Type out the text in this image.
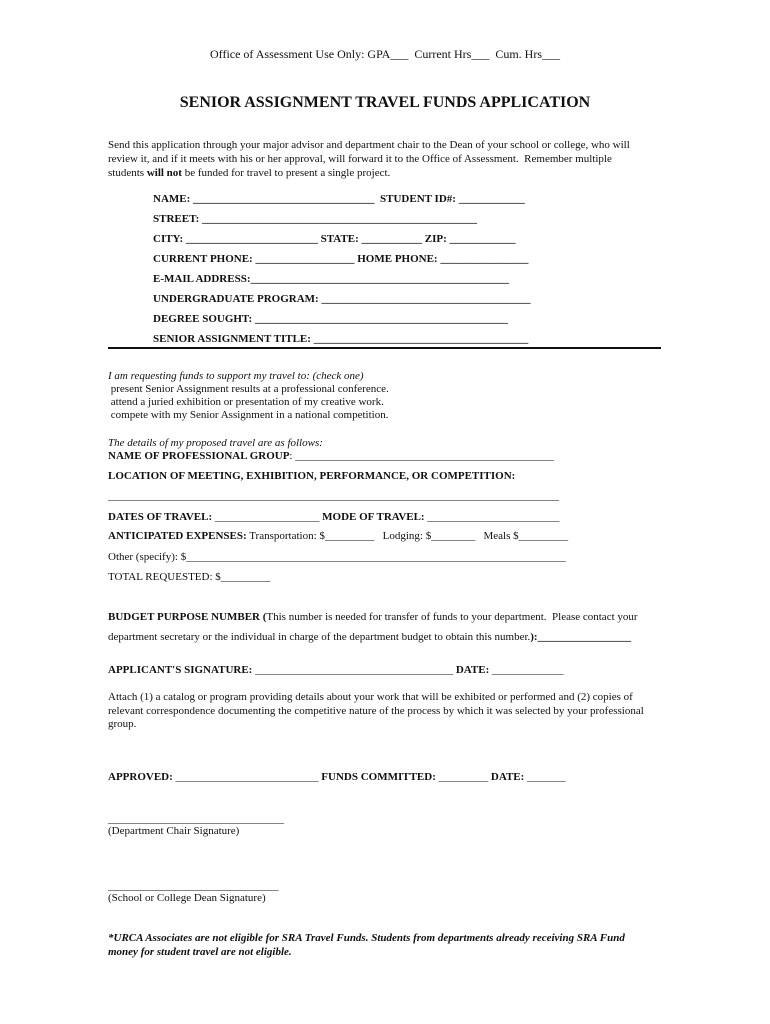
Office of Assessment Use Only: GPA___  Current Hrs___  Cum. Hrs___
SENIOR ASSIGNMENT TRAVEL FUNDS APPLICATION
Send this application through your major advisor and department chair to the Dean of your school or college, who will
review it, and if it meets with his or her approval, will forward it to the Office of Assessment.  Remember multiple
students will not be funded for travel to present a single project.
NAME: _________________________________ STUDENT ID#: ____________
STREET: __________________________________________________
CITY: ________________________ STATE: ___________ ZIP: ____________
CURRENT PHONE: __________________ HOME PHONE: ________________
E-MAIL ADDRESS:_______________________________________________
UNDERGRADUATE PROGRAM: ______________________________________
DEGREE SOUGHT: ______________________________________________
SENIOR ASSIGNMENT TITLE: _______________________________________
I am requesting funds to support my travel to: (check one)
present Senior Assignment results at a professional conference.
attend a juried exhibition or presentation of my creative work.
compete with my Senior Assignment in a national competition.
The details of my proposed travel are as follows:
NAME OF PROFESSIONAL GROUP: _______________________________________________
LOCATION OF MEETING, EXHIBITION, PERFORMANCE, OR COMPETITION:
__________________________________________________________________________________
DATES OF TRAVEL: ___________________ MODE OF TRAVEL: ________________________
ANTICIPATED EXPENSES: Transportation: $_________ Lodging: $________ Meals $_________
Other (specify): $_____________________________________________________________________
TOTAL REQUESTED: $_________
BUDGET PURPOSE NUMBER (This number is needed for transfer of funds to your department.  Please contact your
department secretary or the individual in charge of the department budget to obtain this number.):_________________
APPLICANT'S SIGNATURE: ____________________________________ DATE: _____________
Attach (1) a catalog or program providing details about your work that will be exhibited or performed and (2) copies of
relevant correspondence documenting the competitive nature of the process by which it was selected by your professional
group.
APPROVED: __________________________ FUNDS COMMITTED: _________ DATE: _______
________________________________
(Department Chair Signature)
_______________________________
(School or College Dean Signature)
*URCA Associates are not eligible for SRA Travel Funds. Students from departments already receiving SRA Fund
money for student travel are not eligible.
